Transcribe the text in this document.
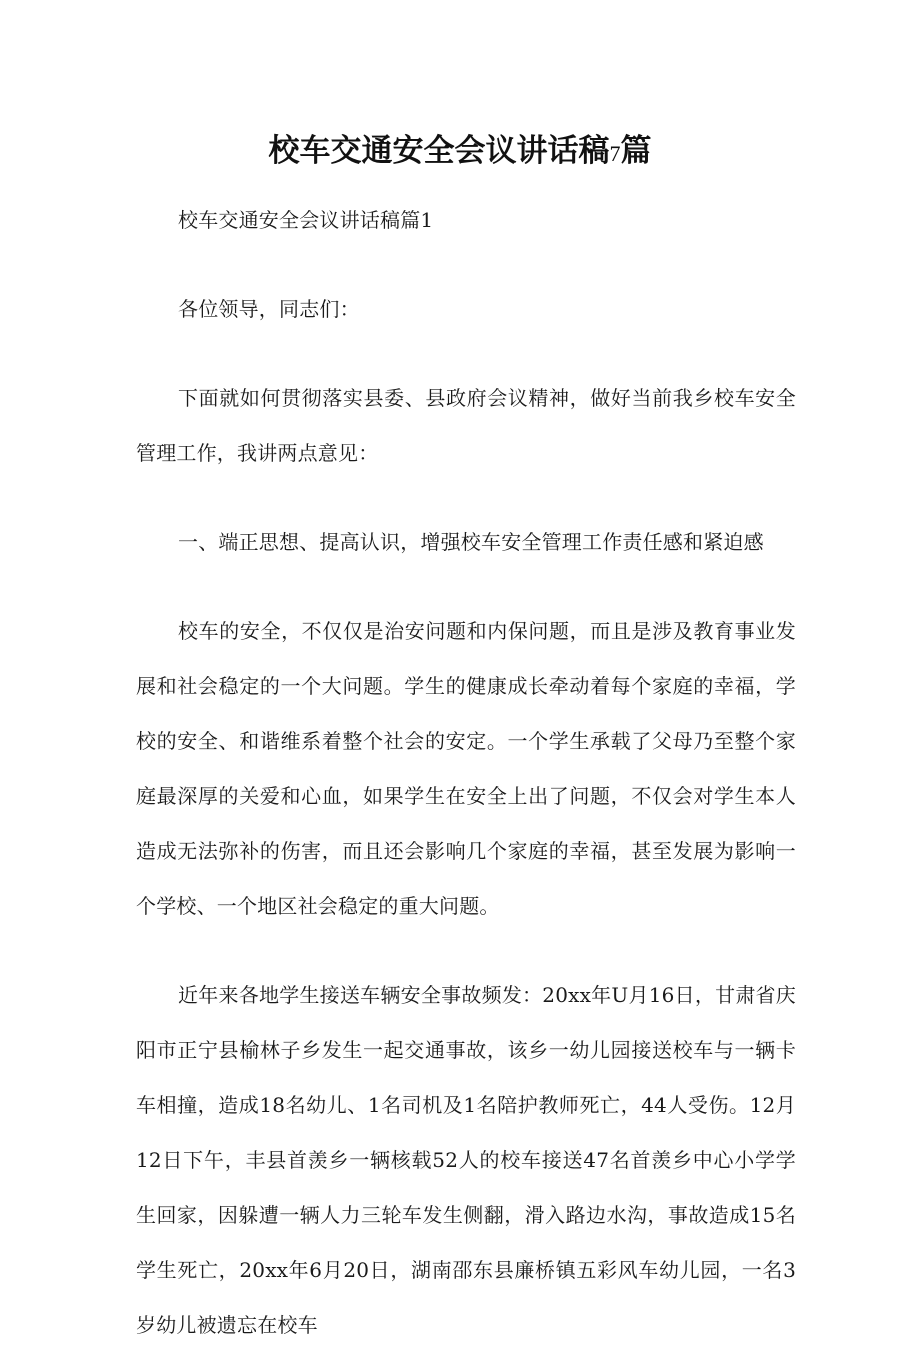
校车交通安全会议讲话稿7篇

校车交通安全会议讲话稿篇1

各位领导，同志们：

下面就如何贯彻落实县委、县政府会议精神，做好当前我乡校车安全管理工作，我讲两点意见：

一、端正思想、提高认识，增强校车安全管理工作责任感和紧迫感

校车的安全，不仅仅是治安问题和内保问题，而且是涉及教育事业发展和社会稳定的一个大问题。学生的健康成长牵动着每个家庭的幸福，学校的安全、和谐维系着整个社会的安定。一个学生承载了父母乃至整个家庭最深厚的关爱和心血，如果学生在安全上出了问题，不仅会对学生本人造成无法弥补的伤害，而且还会影响几个家庭的幸福，甚至发展为影响一个学校、一个地区社会稳定的重大问题。

近年来各地学生接送车辆安全事故频发：20xx年U月16日，甘肃省庆阳市正宁县榆林子乡发生一起交通事故，该乡一幼儿园接送校车与一辆卡车相撞，造成18名幼儿、1名司机及1名陪护教师死亡，44人受伤。12月12日下午，丰县首羡乡一辆核载52人的校车接送47名首羡乡中心小学学生回家，因躲遭一辆人力三轮车发生侧翻，滑入路边水沟，事故造成15名学生死亡，20xx年6月20日，湖南邵东县廉桥镇五彩风车幼儿园，一名3岁幼儿被遗忘在校车
